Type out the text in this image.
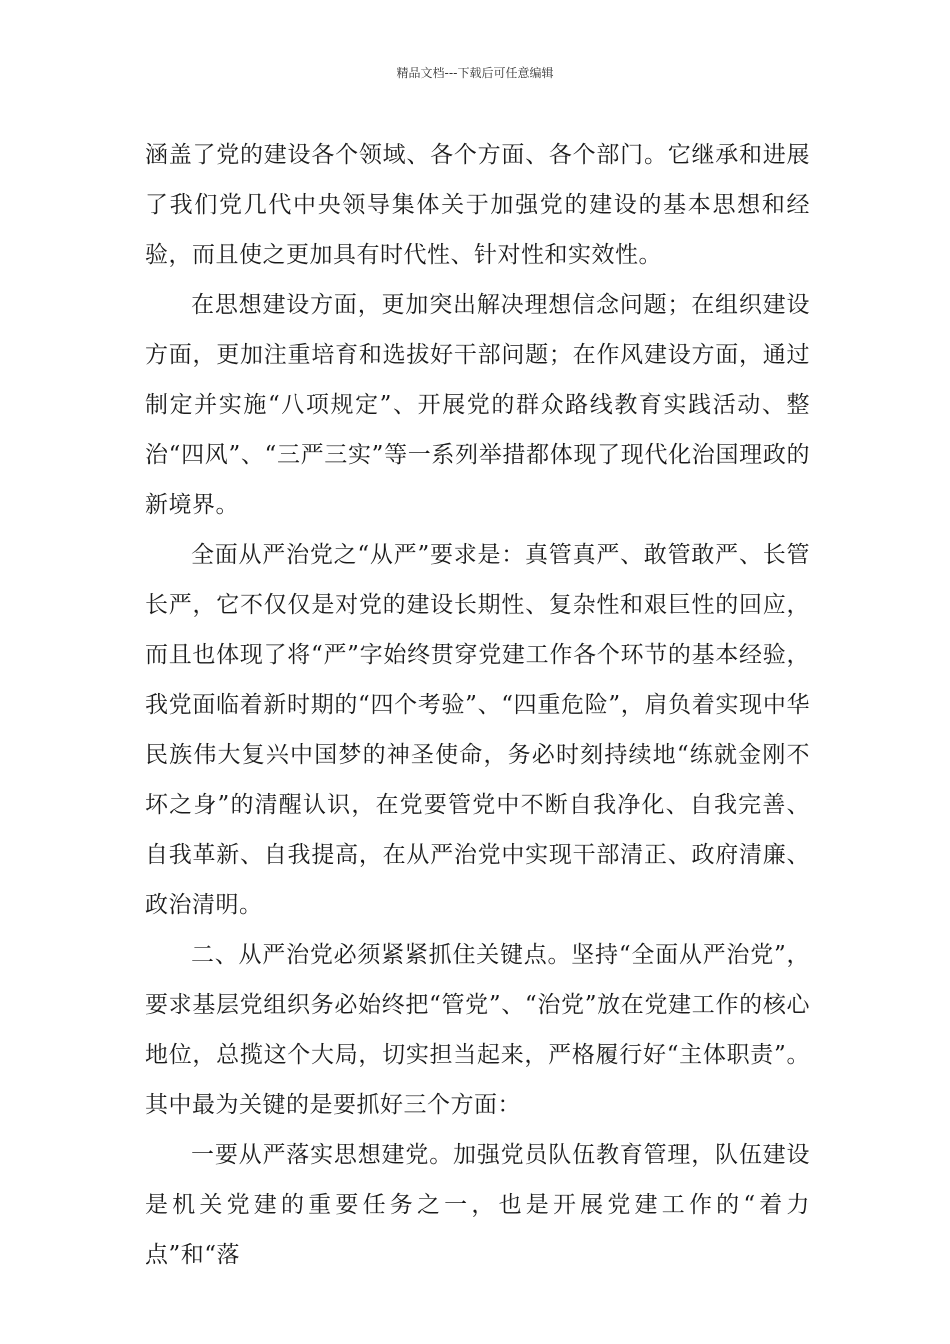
精品文档---下载后可任意编辑

涵盖了党的建设各个领域、各个方面、各个部门。它继承和进展了我们党几代中央领导集体关于加强党的建设的基本思想和经验，而且使之更加具有时代性、针对性和实效性。

在思想建设方面，更加突出解决理想信念问题；在组织建设方面，更加注重培育和选拔好干部问题；在作风建设方面，通过制定并实施“八项规定”、开展党的群众路线教育实践活动、整治“四风”、“三严三实”等一系列举措都体现了现代化治国理政的新境界。

全面从严治党之“从严”要求是：真管真严、敢管敢严、长管长严，它不仅仅是对党的建设长期性、复杂性和艰巨性的回应，而且也体现了将“严”字始终贯穿党建工作各个环节的基本经验，我党面临着新时期的“四个考验”、“四重危险”，肩负着实现中华民族伟大复兴中国梦的神圣使命，务必时刻持续地“练就金刚不坏之身”的清醒认识，在党要管党中不断自我净化、自我完善、自我革新、自我提高，在从严治党中实现干部清正、政府清廉、政治清明。

二、从严治党必须紧紧抓住关键点。坚持“全面从严治党”，要求基层党组织务必始终把“管党”、“治党”放在党建工作的核心地位，总揽这个大局，切实担当起来，严格履行好“主体职责”。其中最为关键的是要抓好三个方面：

一要从严落实思想建党。加强党员队伍教育管理，队伍建设是机关党建的重要任务之一，也是开展党建工作的“着力点”和“落
